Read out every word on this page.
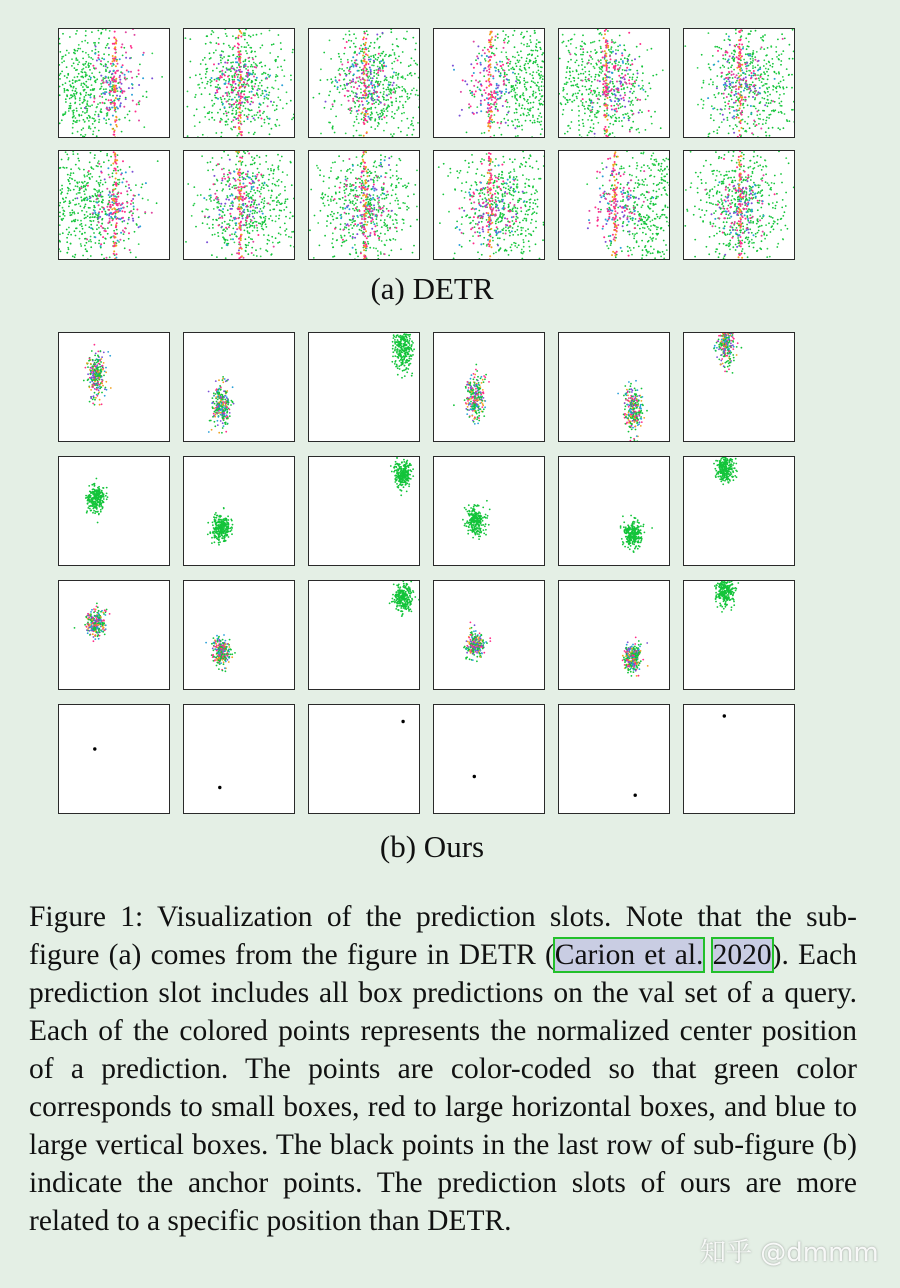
(a) DETR
(b) Ours
Figure 1: Visualization of the prediction slots. Note that the sub-figure (a) comes from the figure in DETR (Carion et al. 2020). Each prediction slot includes all box predictions on the val set of a query. Each of the colored points represents the normalized center position of a prediction. The points are color-coded so that green color corresponds to small boxes, red to large horizontal boxes, and blue to large vertical boxes. The black points in the last row of sub-figure (b) indicate the anchor points. The prediction slots of ours are more related to a specific position than DETR.
知乎 @dmmm
